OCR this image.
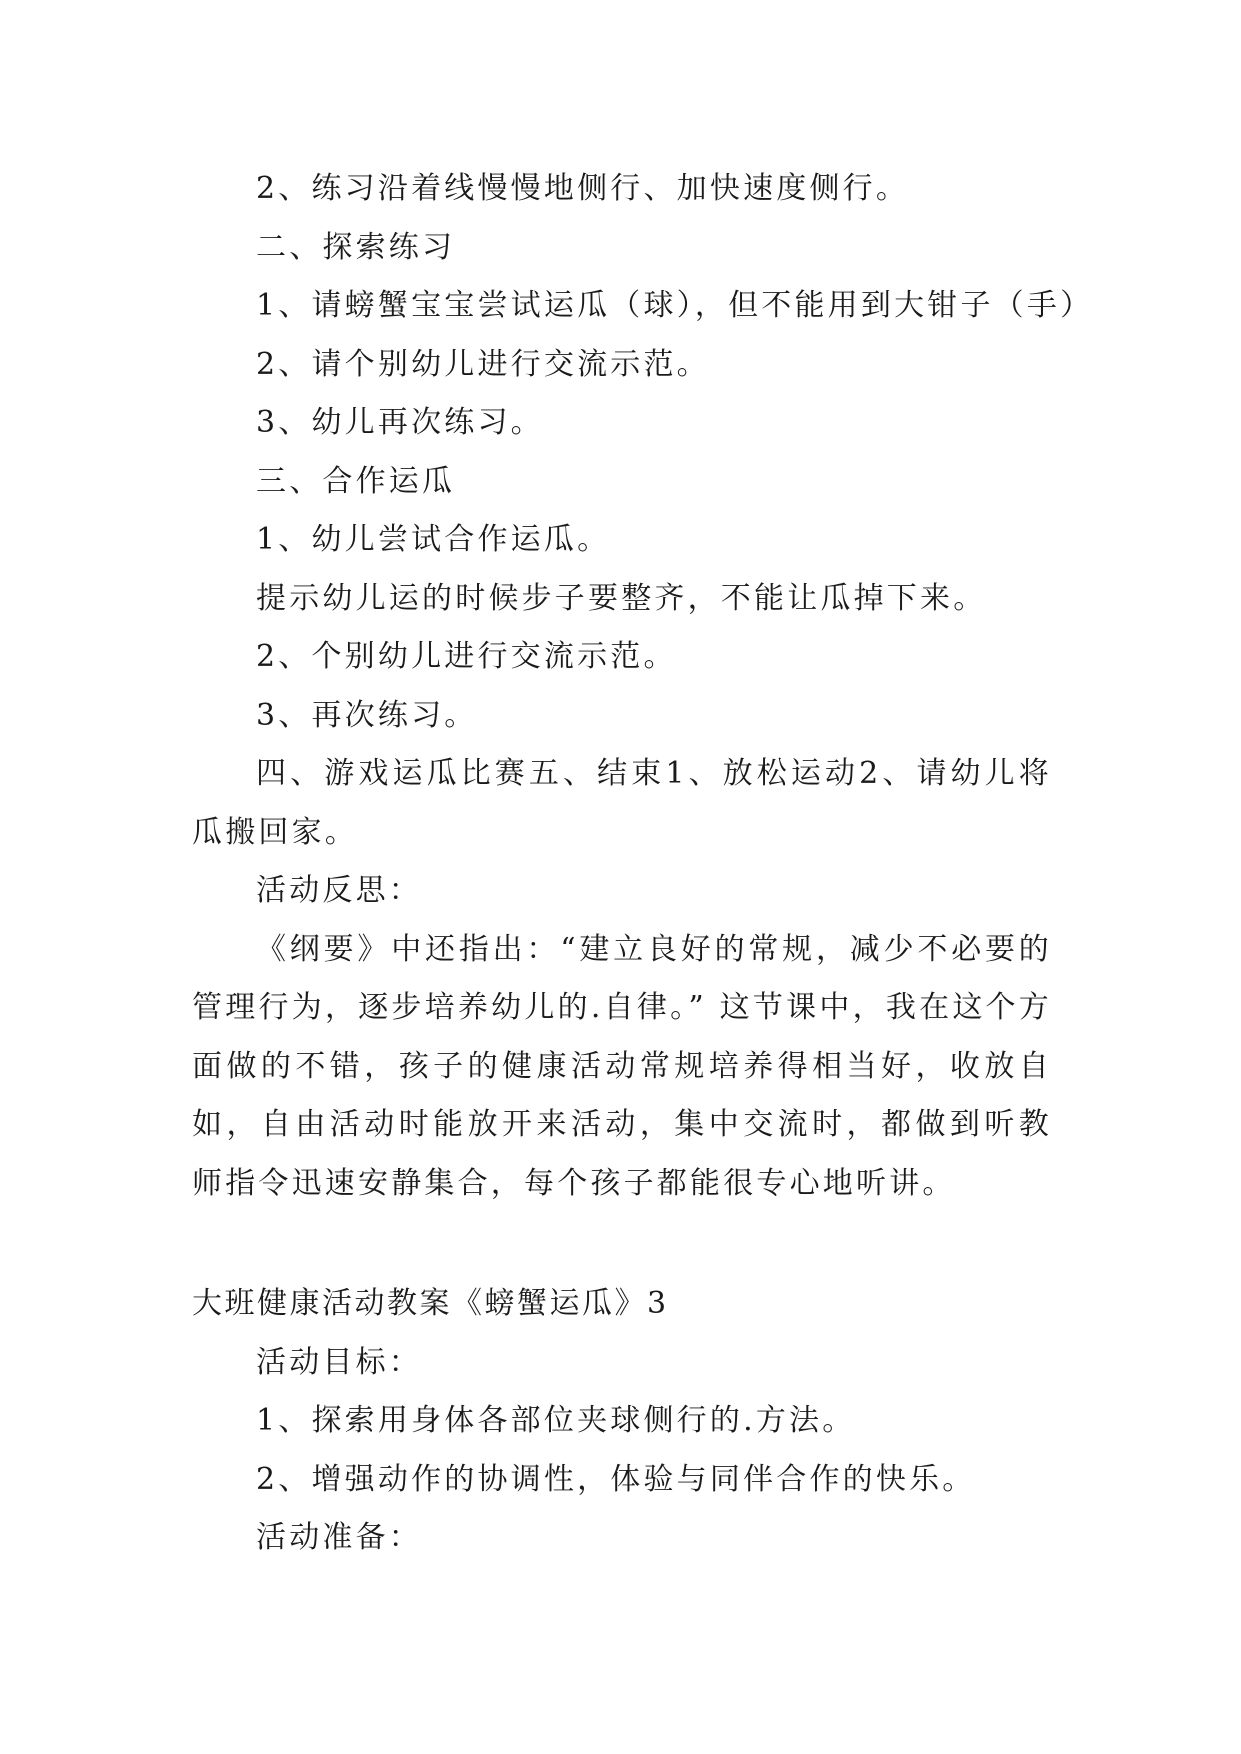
2、练习沿着线慢慢地侧行、加快速度侧行。
二、探索练习
1、请螃蟹宝宝尝试运瓜（球），但不能用到大钳子（手）
2、请个别幼儿进行交流示范。
3、幼儿再次练习。
三、合作运瓜
1、幼儿尝试合作运瓜。
提示幼儿运的时候步子要整齐，不能让瓜掉下来。
2、个别幼儿进行交流示范。
3、再次练习。
四、游戏运瓜比赛五、结束1、放松运动2、请幼儿将瓜搬回家。
活动反思：
《纲要》中还指出：“建立良好的常规，减少不必要的管理行为，逐步培养幼儿的.自律。” 这节课中，我在这个方面做的不错，孩子的健康活动常规培养得相当好，收放自如，自由活动时能放开来活动，集中交流时，都做到听教师指令迅速安静集合，每个孩子都能很专心地听讲。
大班健康活动教案《螃蟹运瓜》3
活动目标：
1、探索用身体各部位夹球侧行的.方法。
2、增强动作的协调性，体验与同伴合作的快乐。
活动准备：
